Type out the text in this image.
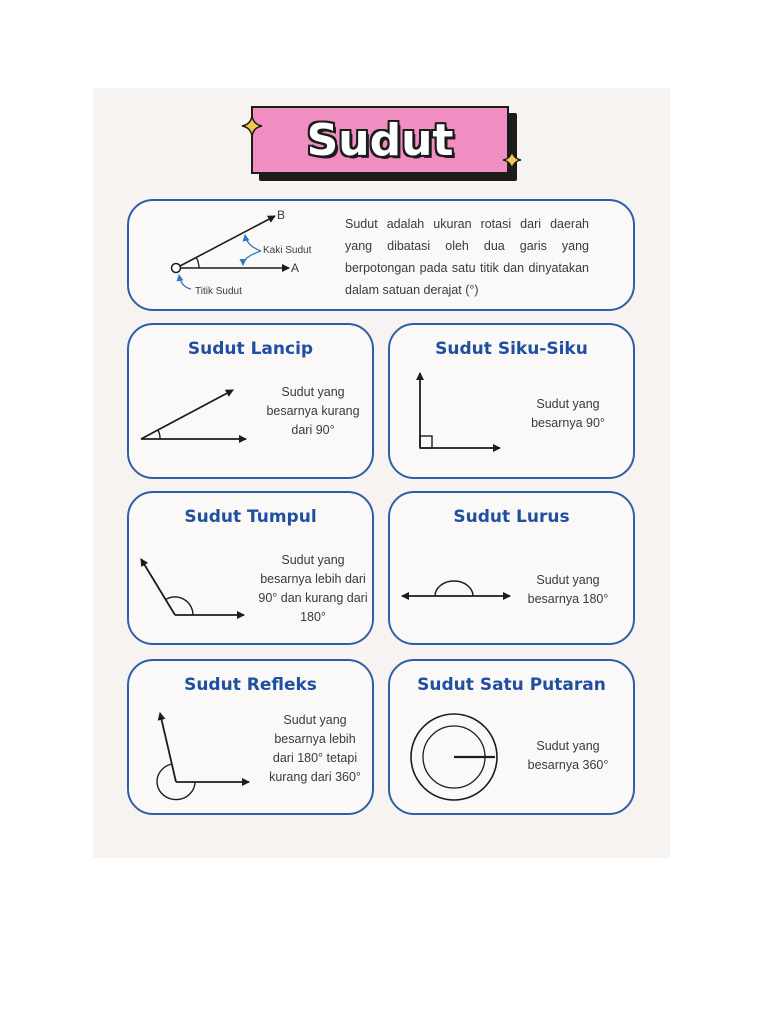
Sudut
B
A
Kaki Sudut
Titik Sudut
Sudut adalah ukuran rotasi dari daerah yang dibatasi oleh dua garis yang berpotongan pada satu titik dan dinyatakan dalam satuan derajat (°)
Sudut Lancip
Sudut yang besarnya kurang dari 90°
Sudut Siku-Siku
Sudut yang besarnya 90°
Sudut Tumpul
Sudut yang besarnya lebih dari 90° dan kurang dari 180°
Sudut Lurus
Sudut yang besarnya 180°
Sudut Refleks
Sudut yang besarnya lebih dari 180° tetapi kurang dari 360°
Sudut Satu Putaran
Sudut yang besarnya 360°
